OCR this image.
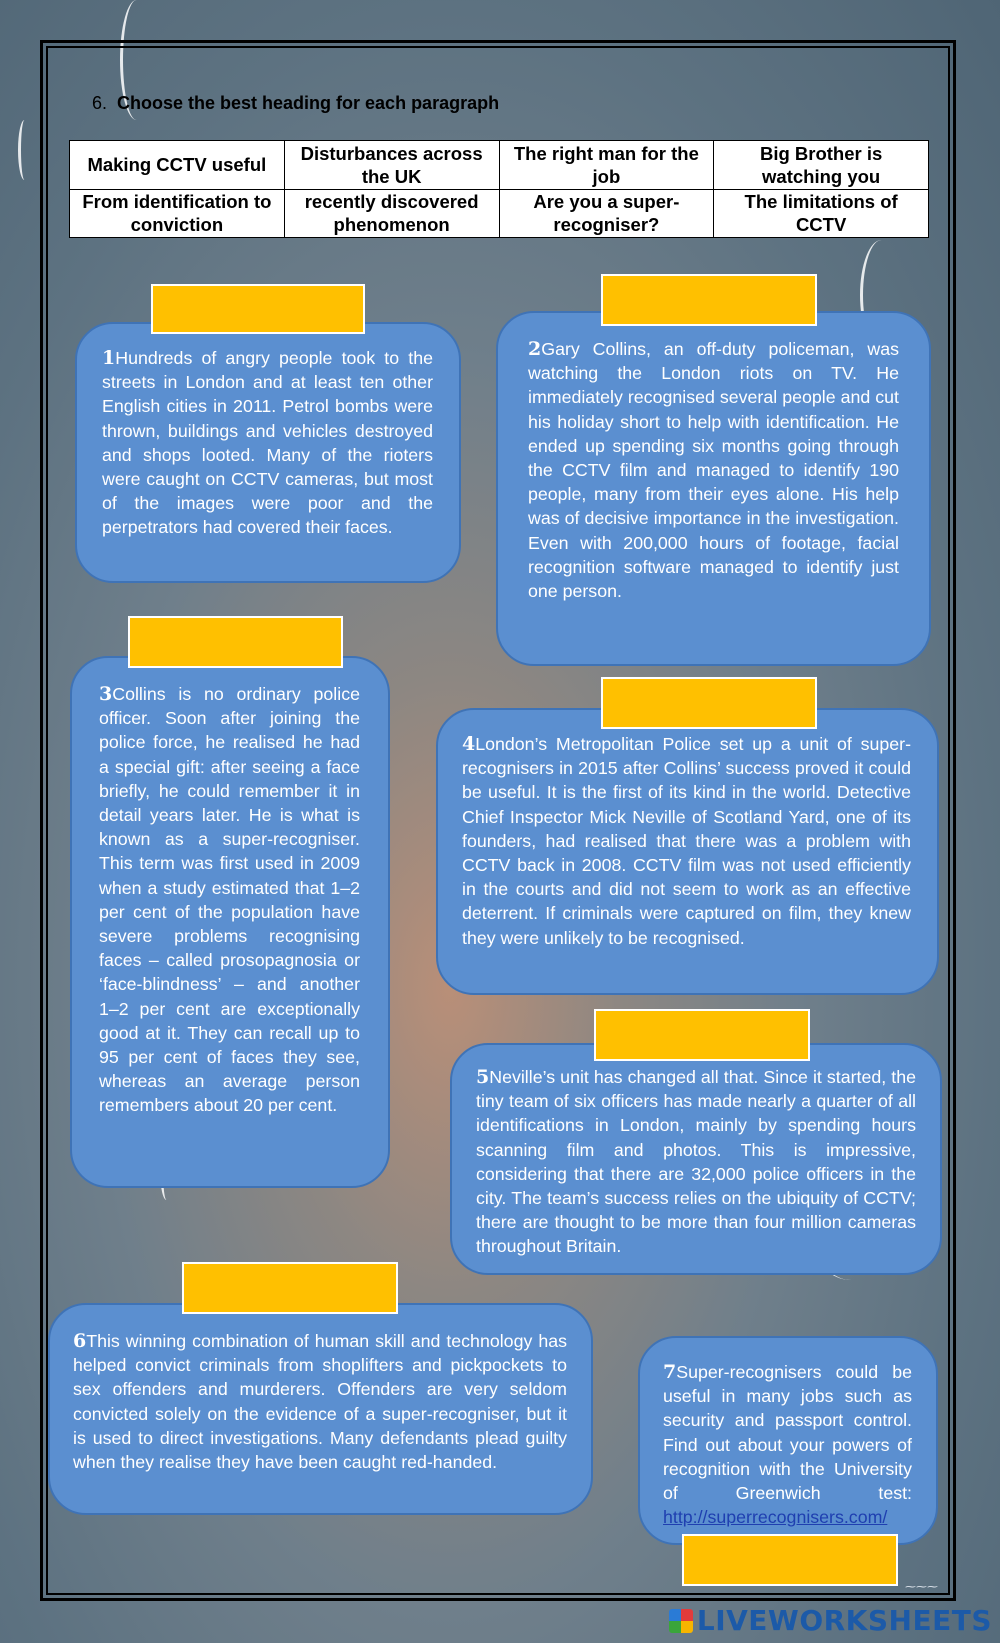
6. Choose the best heading for each paragraph
Making CCTV useful	Disturbances across the UK	The right man for the job	Big Brother is watching you
From identification to conviction	recently discovered phenomenon	Are you a super-recogniser?	The limitations of CCTV
1Hundreds of angry people took to the streets in London and at least ten other English cities in 2011. Petrol bombs were thrown, buildings and vehicles destroyed and shops looted. Many of the rioters were caught on CCTV cameras, but most of the images were poor and the perpetrators had covered their faces.
2Gary Collins, an off-duty policeman, was watching the London riots on TV. He immediately recognised several people and cut his holiday short to help with identification. He ended up spending six months going through the CCTV film and managed to identify 190 people, many from their eyes alone. His help was of decisive importance in the investigation. Even with 200,000 hours of footage, facial recognition software managed to identify just one person.
3Collins is no ordinary police officer. Soon after joining the police force, he realised he had a special gift: after seeing a face briefly, he could remember it in detail years later. He is what is known as a super-recogniser. This term was first used in 2009 when a study estimated that 1–2 per cent of the population have severe problems recognising faces – called prosopagnosia or ‘face-blindness’ – and another 1–2 per cent are exceptionally good at it. They can recall up to 95 per cent of faces they see, whereas an average person remembers about 20 per cent.
4London’s Metropolitan Police set up a unit of super-recognisers in 2015 after Collins’ success proved it could be useful. It is the first of its kind in the world. Detective Chief Inspector Mick Neville of Scotland Yard, one of its founders, had realised that there was a problem with CCTV back in 2008. CCTV film was not used efficiently in the courts and did not seem to work as an effective deterrent. If criminals were captured on film, they knew they were unlikely to be recognised.
5Neville’s unit has changed all that. Since it started, the tiny team of six officers has made nearly a quarter of all identifications in London, mainly by spending hours scanning film and photos. This is impressive, considering that there are 32,000 police officers in the city. The team’s success relies on the ubiquity of CCTV; there are thought to be more than four million cameras throughout Britain.
6This winning combination of human skill and technology has helped convict criminals from shoplifters and pickpockets to sex offenders and murderers. Offenders are very seldom convicted solely on the evidence of a super-recogniser, but it is used to direct investigations. Many defendants plead guilty when they realise they have been caught red-handed.
7Super-recognisers could be useful in many jobs such as security and passport control. Find out about your powers of recognition with the University of Greenwich test: http://superrecognisers.com/
⁓⁓⁓
LIVEWORKSHEETS
